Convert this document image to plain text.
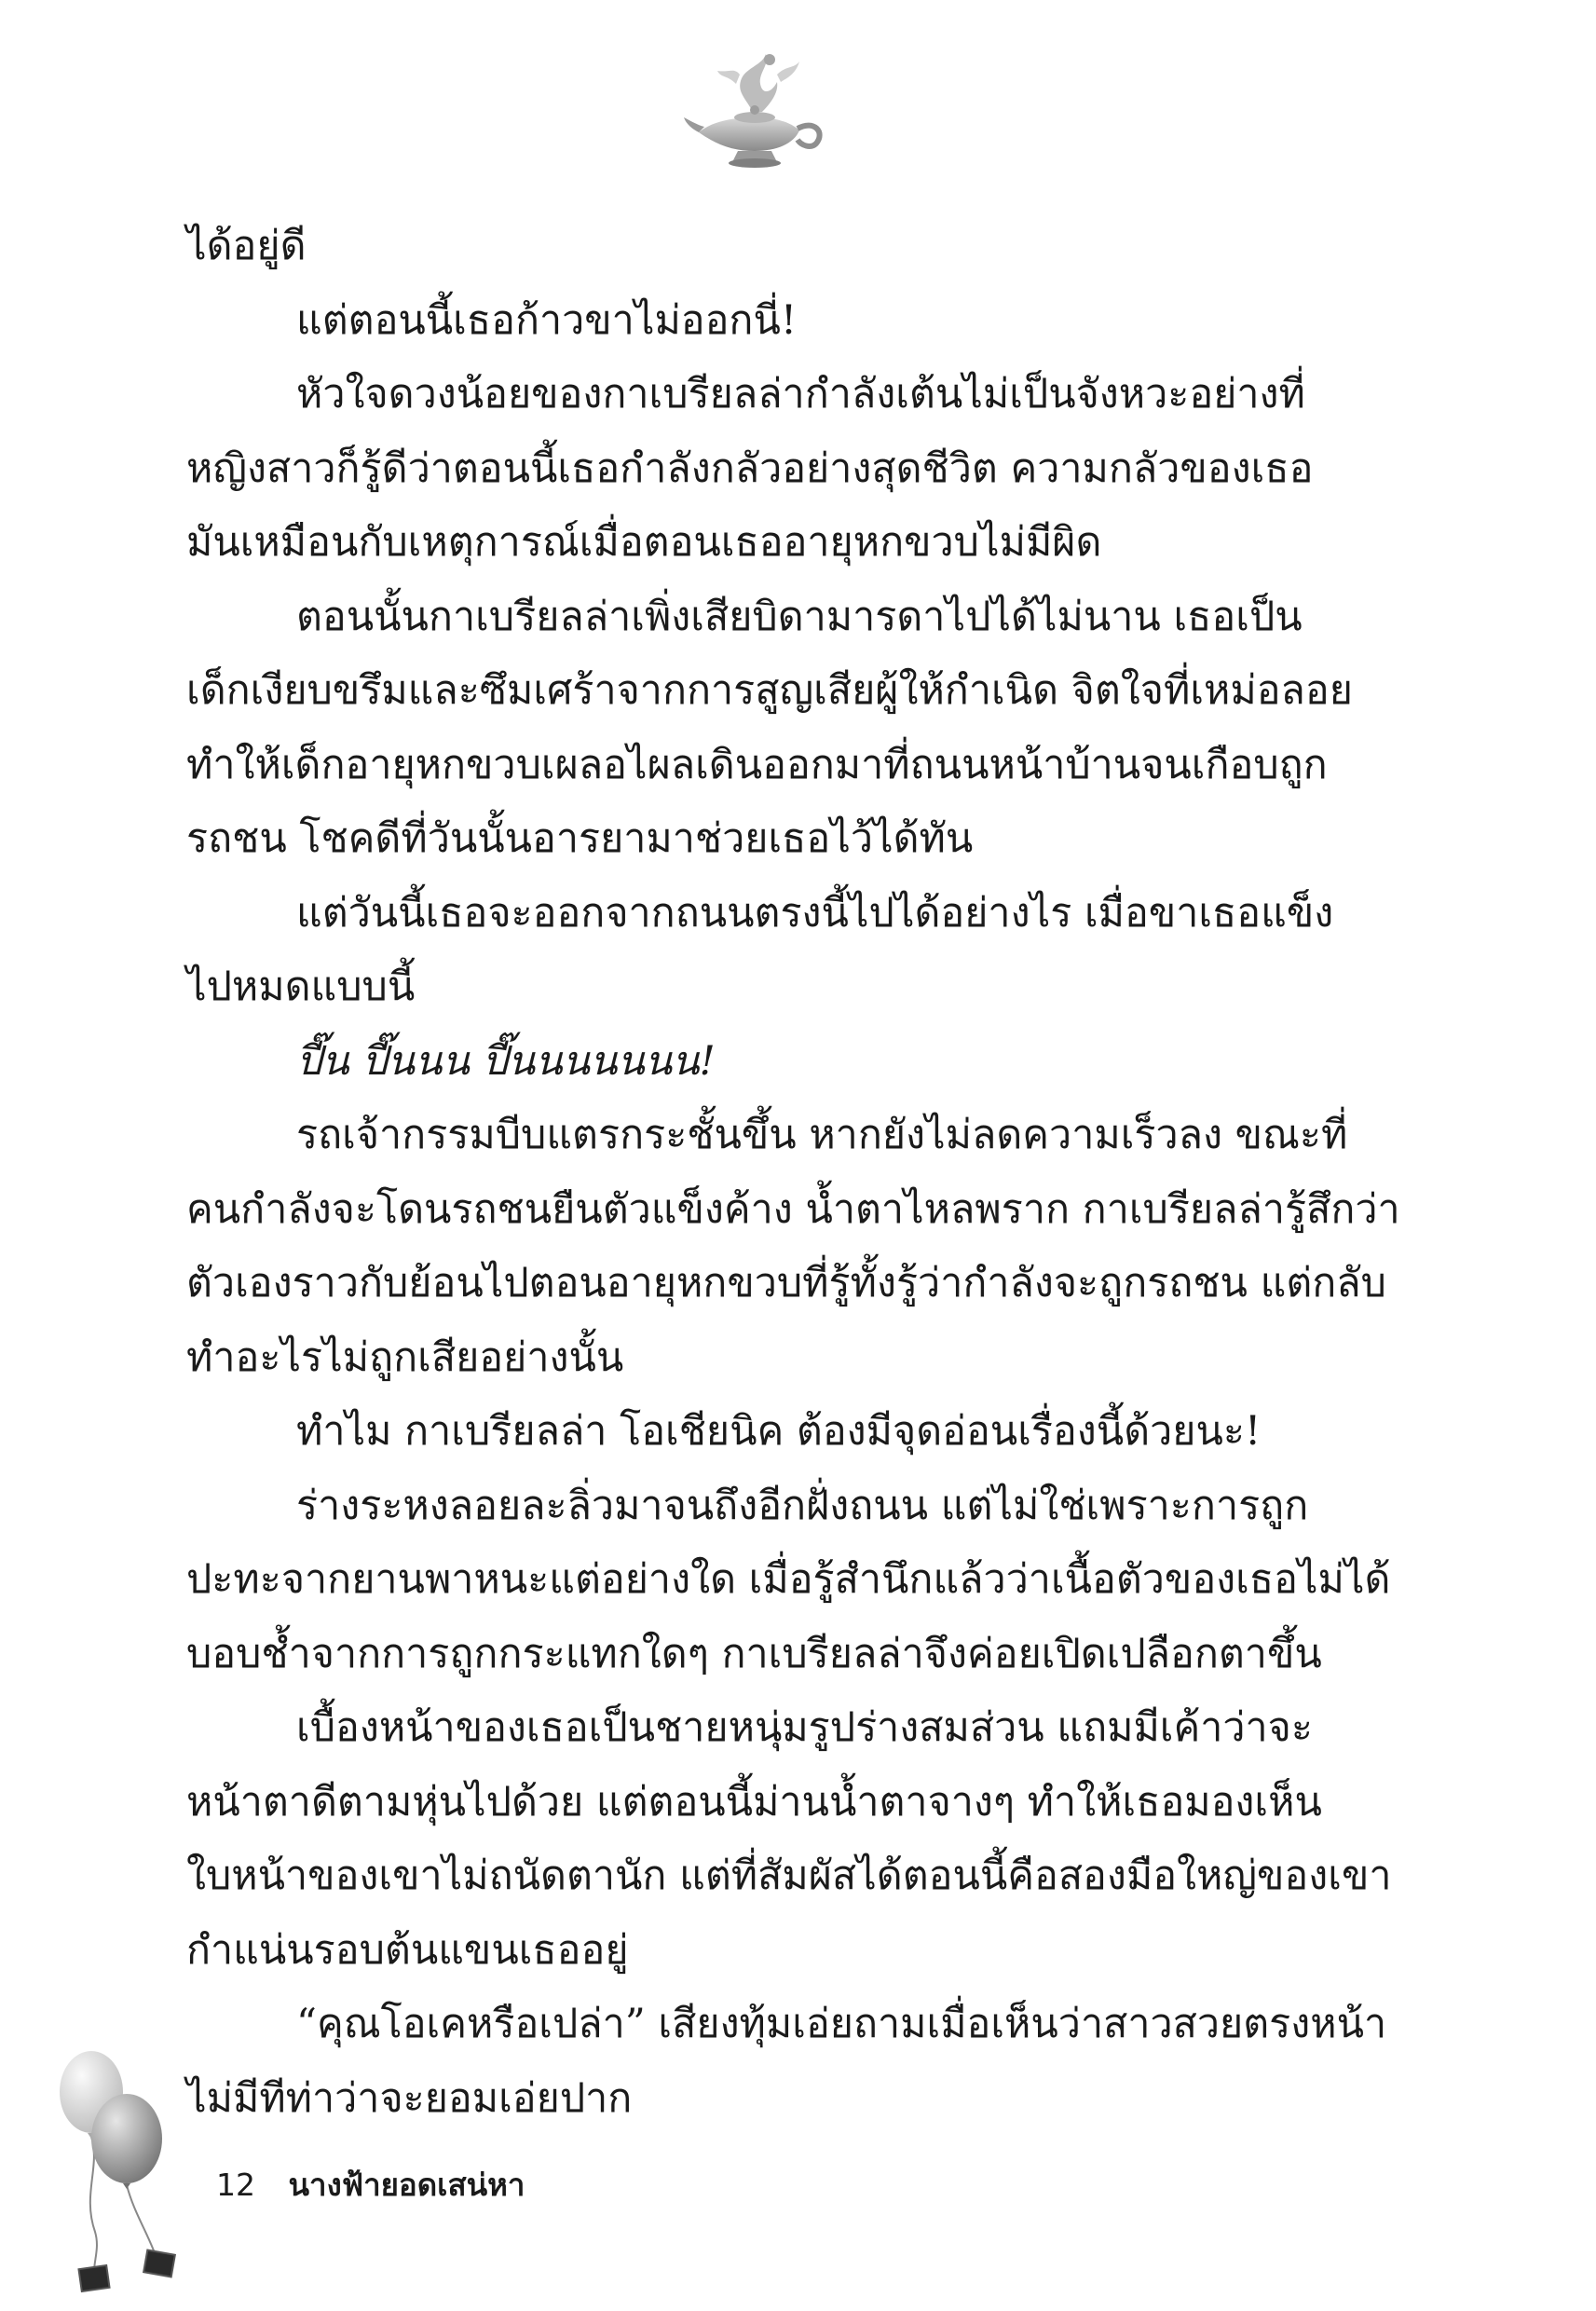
ได้อยู่ดี
แต่ตอนนี้เธอก้าวขาไม่ออกนี่!
หัวใจดวงน้อยของกาเบรียลล่ากำลังเต้นไม่เป็นจังหวะอย่างที่
หญิงสาวก็รู้ดีว่าตอนนี้เธอกำลังกลัวอย่างสุดชีวิต ความกลัวของเธอ
มันเหมือนกับเหตุการณ์เมื่อตอนเธออายุหกขวบไม่มีผิด
ตอนนั้นกาเบรียลล่าเพิ่งเสียบิดามารดาไปได้ไม่นาน เธอเป็น
เด็กเงียบขรึมและซึมเศร้าจากการสูญเสียผู้ให้กำเนิด จิตใจที่เหม่อลอย
ทำให้เด็กอายุหกขวบเผลอไผลเดินออกมาที่ถนนหน้าบ้านจนเกือบถูก
รถชน โชคดีที่วันนั้นอารยามาช่วยเธอไว้ได้ทัน
แต่วันนี้เธอจะออกจากถนนตรงนี้ไปได้อย่างไร เมื่อขาเธอแข็ง
ไปหมดแบบนี้
ปี๊น ปี๊นนน ปี๊นนนนนนน!
รถเจ้ากรรมบีบแตรกระชั้นขึ้น หากยังไม่ลดความเร็วลง ขณะที่
คนกำลังจะโดนรถชนยืนตัวแข็งค้าง น้ำตาไหลพราก กาเบรียลล่ารู้สึกว่า
ตัวเองราวกับย้อนไปตอนอายุหกขวบที่รู้ทั้งรู้ว่ากำลังจะถูกรถชน แต่กลับ
ทำอะไรไม่ถูกเสียอย่างนั้น
ทำไม กาเบรียลล่า โอเชียนิค ต้องมีจุดอ่อนเรื่องนี้ด้วยนะ!
ร่างระหงลอยละลิ่วมาจนถึงอีกฝั่งถนน แต่ไม่ใช่เพราะการถูก
ปะทะจากยานพาหนะแต่อย่างใด เมื่อรู้สำนึกแล้วว่าเนื้อตัวของเธอไม่ได้
บอบช้ำจากการถูกกระแทกใดๆ กาเบรียลล่าจึงค่อยเปิดเปลือกตาขึ้น
เบื้องหน้าของเธอเป็นชายหนุ่มรูปร่างสมส่วน แถมมีเค้าว่าจะ
หน้าตาดีตามหุ่นไปด้วย แต่ตอนนี้ม่านน้ำตาจางๆ ทำให้เธอมองเห็น
ใบหน้าของเขาไม่ถนัดตานัก แต่ที่สัมผัสได้ตอนนี้คือสองมือใหญ่ของเขา
กำแน่นรอบต้นแขนเธออยู่
“คุณโอเคหรือเปล่า” เสียงทุ้มเอ่ยถามเมื่อเห็นว่าสาวสวยตรงหน้า
ไม่มีทีท่าว่าจะยอมเอ่ยปาก
12 นางฟ้ายอดเสน่หา
